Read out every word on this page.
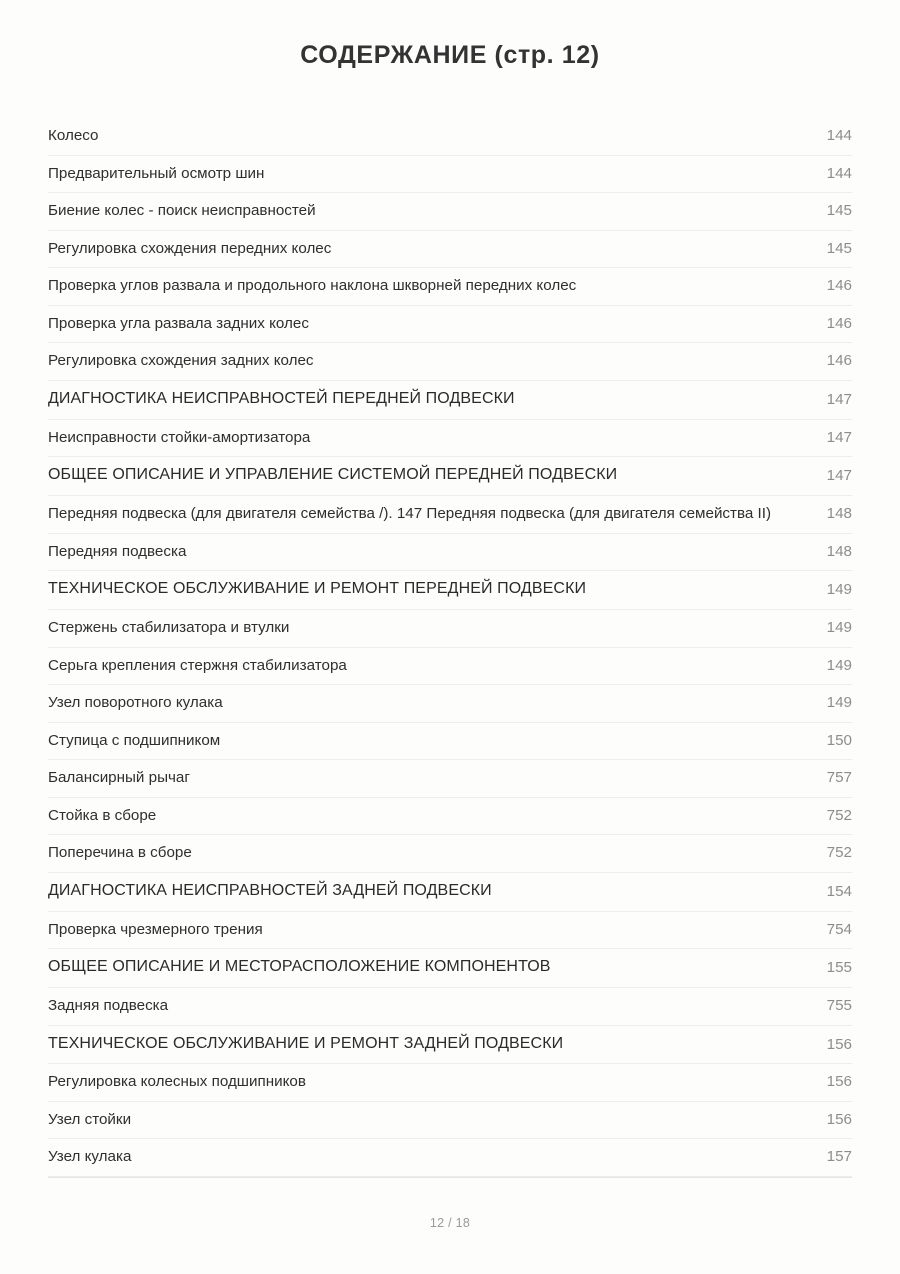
СОДЕРЖАНИЕ (стр. 12)
Колесо	144
Предварительный осмотр шин	144
Биение колес - поиск неисправностей	145
Регулировка схождения передних колес	145
Проверка углов развала и продольного наклона шкворней передних колес	146
Проверка угла развала задних колес	146
Регулировка схождения задних колес	146
ДИАГНОСТИКА НЕИСПРАВНОСТЕЙ ПЕРЕДНЕЙ ПОДВЕСКИ	147
Неисправности стойки-амортизатора	147
ОБЩЕЕ ОПИСАНИЕ И УПРАВЛЕНИЕ СИСТЕМОЙ ПЕРЕДНЕЙ ПОДВЕСКИ	147
Передняя подвеска (для двигателя семейства /). 147 Передняя подвеска (для двигателя семейства II)	148
Передняя подвеска	148
ТЕХНИЧЕСКОЕ ОБСЛУЖИВАНИЕ И РЕМОНТ ПЕРЕДНЕЙ ПОДВЕСКИ	149
Стержень стабилизатора и втулки	149
Серьга крепления стержня стабилизатора	149
Узел поворотного кулака	149
Ступица с подшипником	150
Балансирный рычаг	757
Стойка в сборе	752
Поперечина в сборе	752
ДИАГНОСТИКА НЕИСПРАВНОСТЕЙ ЗАДНЕЙ ПОДВЕСКИ	154
Проверка чрезмерного трения	754
ОБЩЕЕ ОПИСАНИЕ И МЕСТОРАСПОЛОЖЕНИЕ КОМПОНЕНТОВ	155
Задняя подвеска	755
ТЕХНИЧЕСКОЕ ОБСЛУЖИВАНИЕ И РЕМОНТ ЗАДНЕЙ ПОДВЕСКИ	156
Регулировка колесных подшипников	156
Узел стойки	156
Узел кулака	157
12 / 18
